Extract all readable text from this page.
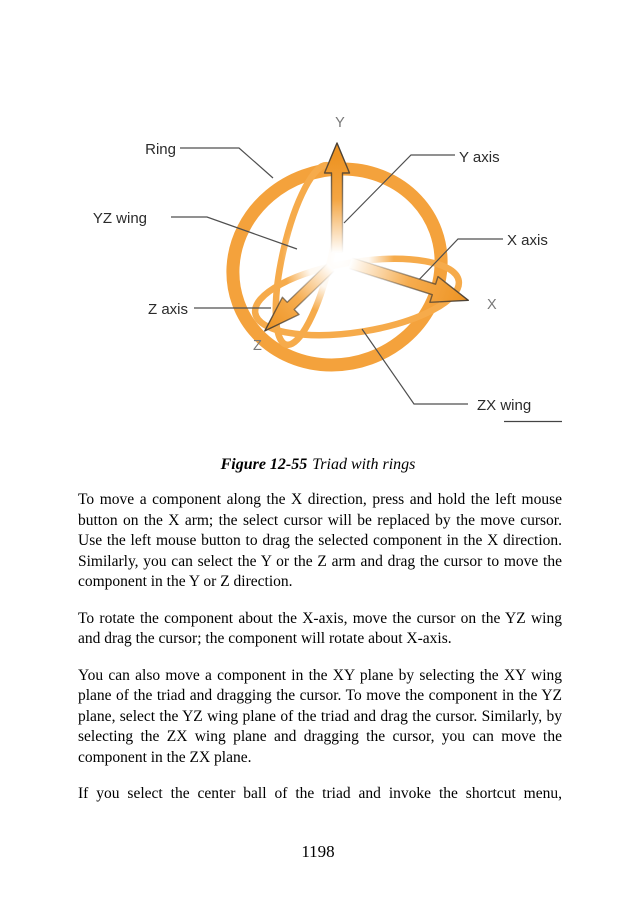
Y
X
Z
Ring
YZ wing
Z axis
Y axis
X axis
ZX wing
Figure 12-55 Triad with rings

To move a component along the X direction, press and hold the left mouse button on the X arm; the select cursor will be replaced by the move cursor. Use the left mouse button to drag the selected component in the X direction. Similarly, you can select the Y or the Z arm and drag the cursor to move the component in the Y or Z direction.

To rotate the component about the X-axis, move the cursor on the YZ wing and drag the cursor; the component will rotate about X-axis.

You can also move a component in the XY plane by selecting the XY wing plane of the triad and dragging the cursor. To move the component in the YZ plane, select the YZ wing plane of the triad and drag the cursor. Similarly, by selecting the ZX wing plane and dragging the cursor, you can move the component in the ZX plane.

If you select the center ball of the triad and invoke the shortcut menu,

1198
